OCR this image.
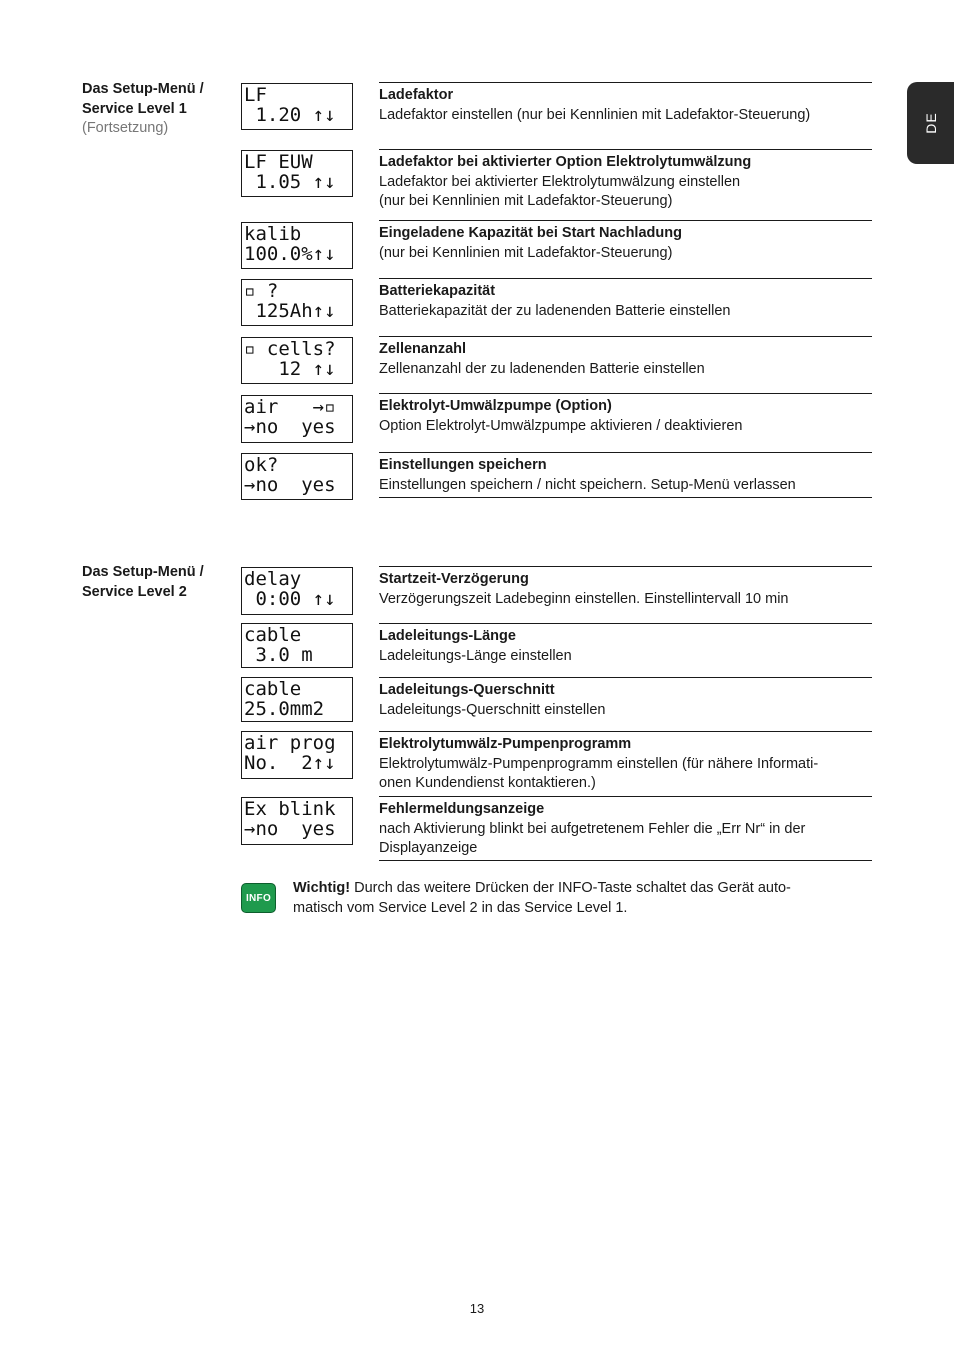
DE
Das Setup-Menü /
Service Level 1
(Fortsetzung)
LF
1.20 ↑↓
LF EUW
1.05 ↑↓
kalib
100.0%↑↓
▫ ?
125Ah↑↓
▫ cells?
12 ↑↓
air   →▫
→no  yes
ok?
→no  yes
Ladefaktor
Ladefaktor einstellen (nur bei Kennlinien mit Ladefaktor-Steuerung)
Ladefaktor bei aktivierter Option Elektrolytumwälzung
Ladefaktor bei aktivierter Elektrolytumwälzung einstellen
(nur bei Kennlinien mit Ladefaktor-Steuerung)
Eingeladene Kapazität bei Start Nachladung
(nur bei Kennlinien mit Ladefaktor-Steuerung)
Batteriekapazität
Batteriekapazität der zu ladenenden Batterie einstellen
Zellenanzahl
Zellenanzahl der zu ladenenden Batterie einstellen
Elektrolyt-Umwälzpumpe (Option)
Option Elektrolyt-Umwälzpumpe aktivieren / deaktivieren
Einstellungen speichern
Einstellungen speichern / nicht speichern. Setup-Menü verlassen
Das Setup-Menü /
Service Level 2
delay
0:00 ↑↓
cable
3.0 m
cable
25.0mm2
air prog
No.  2↑↓
Ex blink
→no  yes
Startzeit-Verzögerung
Verzögerungszeit Ladebeginn einstellen. Einstellintervall 10 min
Ladeleitungs-Länge
Ladeleitungs-Länge einstellen
Ladeleitungs-Querschnitt
Ladeleitungs-Querschnitt einstellen
Elektrolytumwälz-Pumpenprogramm
Elektrolytumwälz-Pumpenprogramm einstellen (für nähere Informati-
onen Kundendienst kontaktieren.)
Fehlermeldungsanzeige
nach Aktivierung blinkt bei aufgetretenem Fehler die „Err Nr“ in der
Displayanzeige
INFO
Wichtig! Durch das weitere Drücken der INFO-Taste schaltet das Gerät auto-
matisch vom Service Level 2 in das Service Level 1.
13
